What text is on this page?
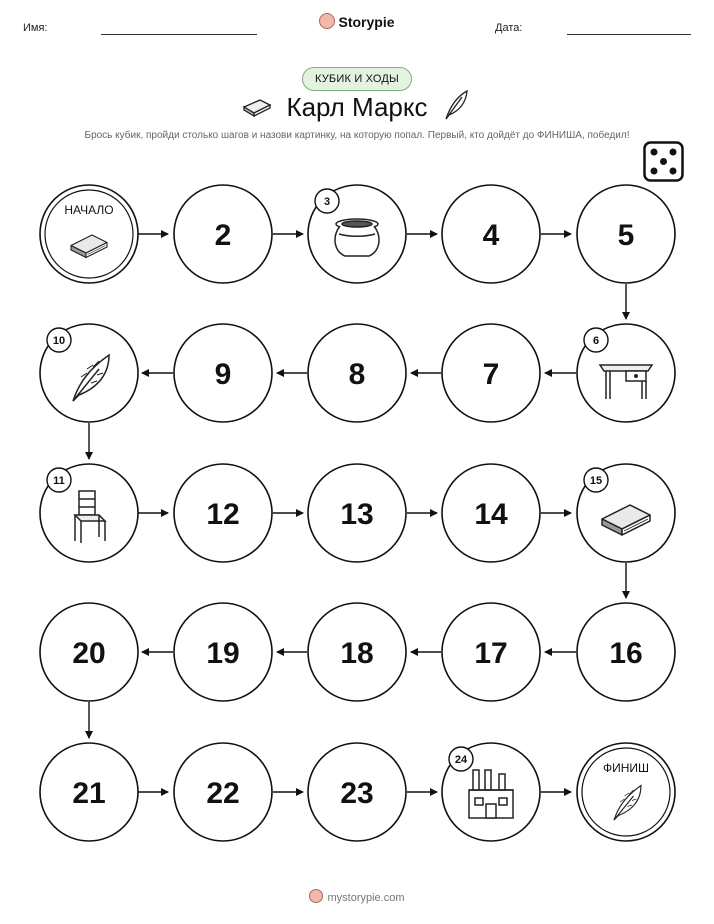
Имя:	Storypie	Дата:
КУБИК И ХОДЫ
Карл Маркс
Брось кубик, пройди столько шагов и назови картинку, на которую попал. Первый, кто дойдёт до ФИНИША, победил!
НАЧАЛО
2
3
4	5
6
7
8
9
10
11
12	13	14
15
16
17
18
19
20
21	22	23
24
ФИНИШ
mystorypie.com
